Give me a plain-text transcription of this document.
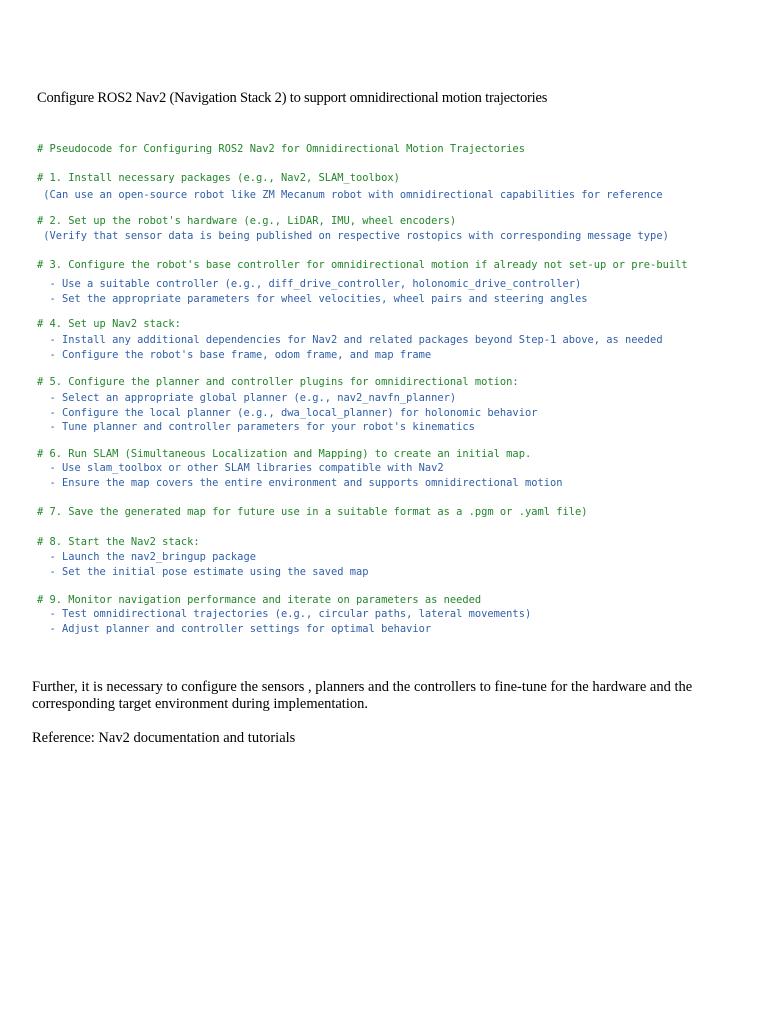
Configure ROS2 Nav2 (Navigation Stack 2) to support omnidirectional motion trajectories

# Pseudocode for Configuring ROS2 Nav2 for Omnidirectional Motion Trajectories

# 1. Install necessary packages (e.g., Nav2, SLAM_toolbox)

(Can use an open-source robot like ZM Mecanum robot with omnidirectional capabilities for reference

# 2. Set up the robot's hardware (e.g., LiDAR, IMU, wheel encoders)

(Verify that sensor data is being published on respective rostopics with corresponding message type)

# 3. Configure the robot's base controller for omnidirectional motion if already not set-up or pre-built

- Use a suitable controller (e.g., diff_drive_controller, holonomic_drive_controller)

- Set the appropriate parameters for wheel velocities, wheel pairs and steering angles

# 4. Set up Nav2 stack:

- Install any additional dependencies for Nav2 and related packages beyond Step-1 above, as needed

- Configure the robot's base frame, odom frame, and map frame

# 5. Configure the planner and controller plugins for omnidirectional motion:

- Select an appropriate global planner (e.g., nav2_navfn_planner)

- Configure the local planner (e.g., dwa_local_planner) for holonomic behavior

- Tune planner and controller parameters for your robot's kinematics

# 6. Run SLAM (Simultaneous Localization and Mapping) to create an initial map.

- Use slam_toolbox or other SLAM libraries compatible with Nav2

- Ensure the map covers the entire environment and supports omnidirectional motion

# 7. Save the generated map for future use in a suitable format as a .pgm or .yaml file)

# 8. Start the Nav2 stack:

- Launch the nav2_bringup package

- Set the initial pose estimate using the saved map

# 9. Monitor navigation performance and iterate on parameters as needed

- Test omnidirectional trajectories (e.g., circular paths, lateral movements)

- Adjust planner and controller settings for optimal behavior

Further, it is necessary to configure the sensors , planners and the controllers to fine-tune for the hardware and the corresponding target environment during implementation.
Reference: Nav2 documentation and tutorials
